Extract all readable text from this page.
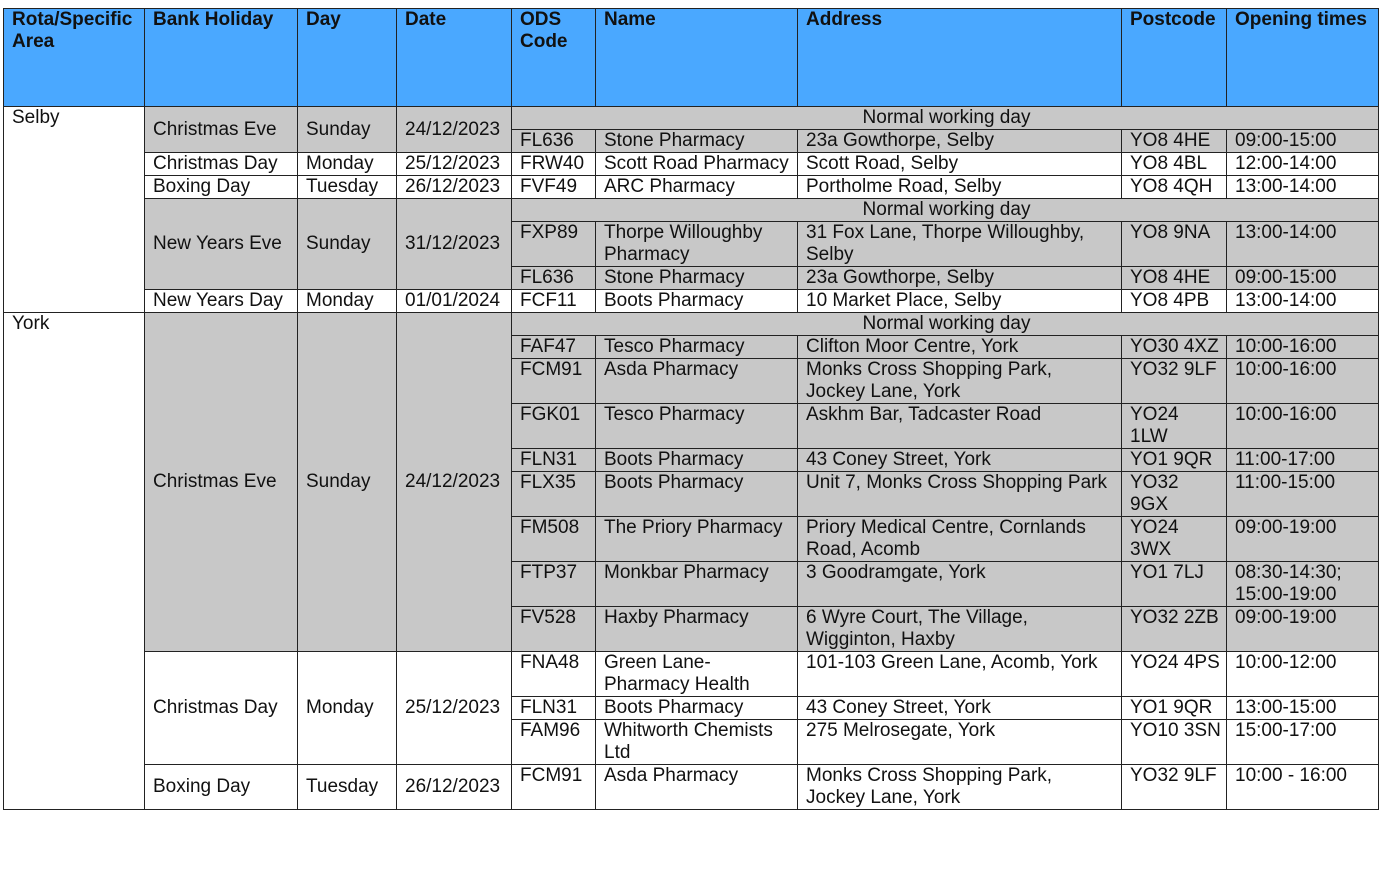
Rota/Specific Area	Bank Holiday	Day	Date	ODS Code	Name	Address	Postcode	Opening times

Selby	Christmas Eve	Sunday	24/12/2023	Normal working day				
				FL636	Stone Pharmacy	23a Gowthorpe, Selby	YO8 4HE	09:00-15:00
	Christmas Day	Monday	25/12/2023	FRW40	Scott Road Pharmacy	Scott Road, Selby	YO8 4BL	12:00-14:00
	Boxing Day	Tuesday	26/12/2023	FVF49	ARC Pharmacy	Portholme Road, Selby	YO8 4QH	13:00-14:00
	New Years Eve	Sunday	31/12/2023	Normal working day				
				FXP89	Thorpe Willoughby Pharmacy	31 Fox Lane, Thorpe Willoughby, Selby	YO8 9NA	13:00-14:00
				FL636	Stone Pharmacy	23a Gowthorpe, Selby	YO8 4HE	09:00-15:00
	New Years Day	Monday	01/01/2024	FCF11	Boots Pharmacy	10 Market Place, Selby	YO8 4PB	13:00-14:00

York	Christmas Eve	Sunday	24/12/2023	Normal working day				
				FAF47	Tesco Pharmacy	Clifton Moor Centre, York	YO30 4XZ	10:00-16:00
				FCM91	Asda Pharmacy	Monks Cross Shopping Park, Jockey Lane, York	YO32 9LF	10:00-16:00
				FGK01	Tesco Pharmacy	Askhm Bar, Tadcaster Road	YO24 1LW	10:00-16:00
				FLN31	Boots Pharmacy	43 Coney Street, York	YO1 9QR	11:00-17:00
				FLX35	Boots Pharmacy	Unit 7, Monks Cross Shopping Park	YO32 9GX	11:00-15:00
				FM508	The Priory Pharmacy	Priory Medical Centre, Cornlands Road, Acomb	YO24 3WX	09:00-19:00
				FTP37	Monkbar Pharmacy	3 Goodramgate, York	YO1 7LJ	08:30-14:30; 15:00-19:00
				FV528	Haxby Pharmacy	6 Wyre Court, The Village, Wigginton, Haxby	YO32 2ZB	09:00-19:00
	Christmas Day	Monday	25/12/2023	FNA48	Green Lane- Pharmacy Health	101-103 Green Lane, Acomb, York	YO24 4PS	10:00-12:00
				FLN31	Boots Pharmacy	43 Coney Street, York	YO1 9QR	13:00-15:00
				FAM96	Whitworth Chemists Ltd	275 Melrosegate, York	YO10 3SN	15:00-17:00
	Boxing Day	Tuesday	26/12/2023	FCM91	Asda Pharmacy	Monks Cross Shopping Park, Jockey Lane, York	YO32 9LF	10:00 - 16:00
